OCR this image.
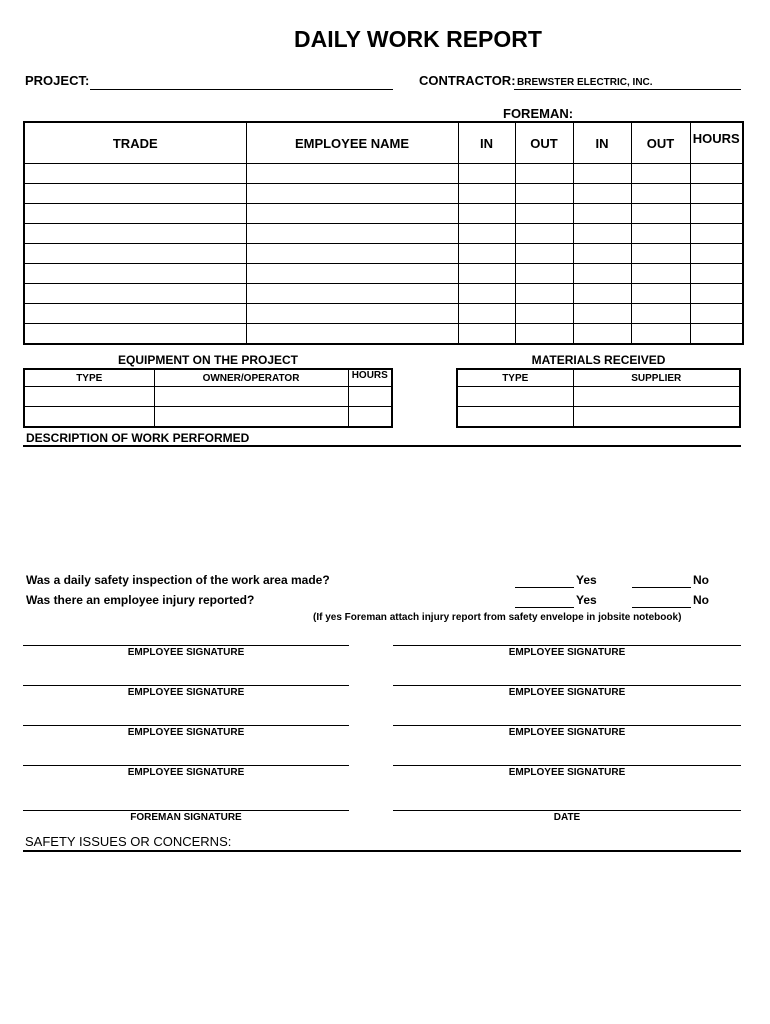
DAILY WORK REPORT
PROJECT:	CONTRACTOR: BREWSTER ELECTRIC, INC.
FOREMAN:
TRADE	EMPLOYEE NAME	IN	OUT	IN	OUT	HOURS

EQUIPMENT ON THE PROJECT
TYPE	OWNER/OPERATOR	HOURS

MATERIALS RECEIVED
TYPE	SUPPLIER

DESCRIPTION OF WORK PERFORMED
Was a daily safety inspection of the work area made?	Yes	No
Was there an employee injury reported?	Yes	No
(If yes Foreman attach injury report from safety envelope in jobsite notebook)
EMPLOYEE SIGNATURE	EMPLOYEE SIGNATURE
EMPLOYEE SIGNATURE	EMPLOYEE SIGNATURE
EMPLOYEE SIGNATURE	EMPLOYEE SIGNATURE
EMPLOYEE SIGNATURE	EMPLOYEE SIGNATURE
FOREMAN SIGNATURE	DATE
SAFETY ISSUES OR CONCERNS:
